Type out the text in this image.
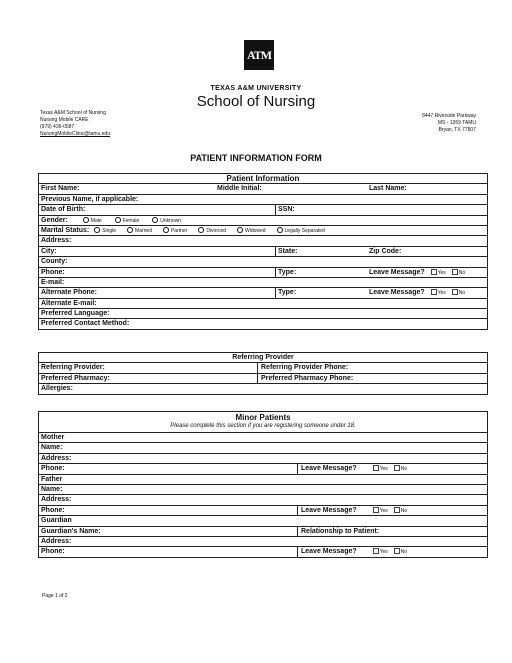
ATM
TEXAS A&M UNIVERSITY
School of Nursing
Texas A&M School of Nursing
Nursing Mobile CARE
(979) 436-0587
NursingMobileClinic@tamu.edu
8447 Riverside Parkway
MS - 1359 TAMU
Bryan, TX 77807
PATIENT INFORMATION FORM
Patient Information
First Name:	Middle Initial:	Last Name:
Previous Name, if applicable:
Date of Birth:	SSN:
Gender:	Male	Female	Unknown
Marital Status:	Single	Married	Partner	Divorced	Widowed	Legally Separated
Address:
City:	State:	Zip Code:
County:
Phone:	Type:	Leave Message?	Yes	No
E-mail:
Alternate Phone:	Type:	Leave Message?	Yes	No
Alternate E-mail:
Preferred Language:
Preferred Contact Method:
Referring Provider
Referring Provider:	Referring Provider Phone:
Preferred Pharmacy:	Preferred Pharmacy Phone:
Allergies:
Minor Patients
Please complete this section if you are registering someone under 18.
Mother
Name:
Address:
Phone:	Leave Message?	Yes	No
Father
Name:
Address:
Phone:	Leave Message?	Yes	No
Guardian
Guardian's Name:	Relationship to Patient:
Address:
Phone:	Leave Message?	Yes	No
Page 1 of 2
